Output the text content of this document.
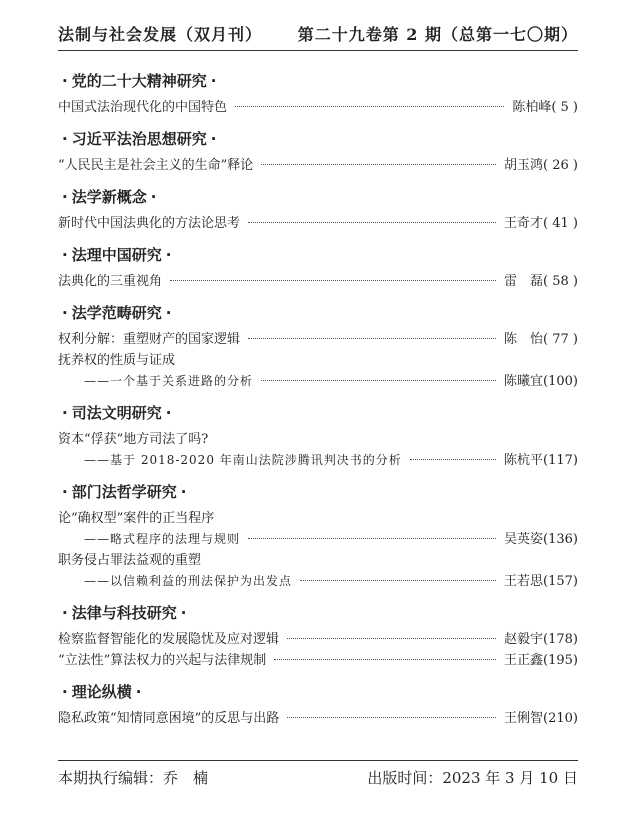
法制与社会发展（双月刊） 第二十九卷第 2 期（总第一七〇期）
· 党的二十大精神研究 ·
中国式法治现代化的中国特色	陈柏峰( 5 )
· 习近平法治思想研究 ·
“人民民主是社会主义的生命”释论	胡玉鸿( 26 )
· 法学新概念 ·
新时代中国法典化的方法论思考	王奇才( 41 )
· 法理中国研究 ·
法典化的三重视角	雷　磊( 58 )
· 法学范畴研究 ·
权利分解：重塑财产的国家逻辑	陈　怡( 77 )
抚养权的性质与证成
——一个基于关系进路的分析	陈曦宜(100)
· 司法文明研究 ·
资本“俘获”地方司法了吗?
——基于 2018-2020 年南山法院涉腾讯判决书的分析	陈杭平(117)
· 部门法哲学研究 ·
论“确权型”案件的正当程序
——略式程序的法理与规则	吴英姿(136)
职务侵占罪法益观的重塑
——以信赖利益的刑法保护为出发点	王若思(157)
· 法律与科技研究 ·
检察监督智能化的发展隐忧及应对逻辑	赵毅宇(178)
“立法性”算法权力的兴起与法律规制	王正鑫(195)
· 理论纵横 ·
隐私政策“知情同意困境”的反思与出路	王俐智(210)
本期执行编辑：乔　楠	出版时间：2023 年 3 月 10 日
